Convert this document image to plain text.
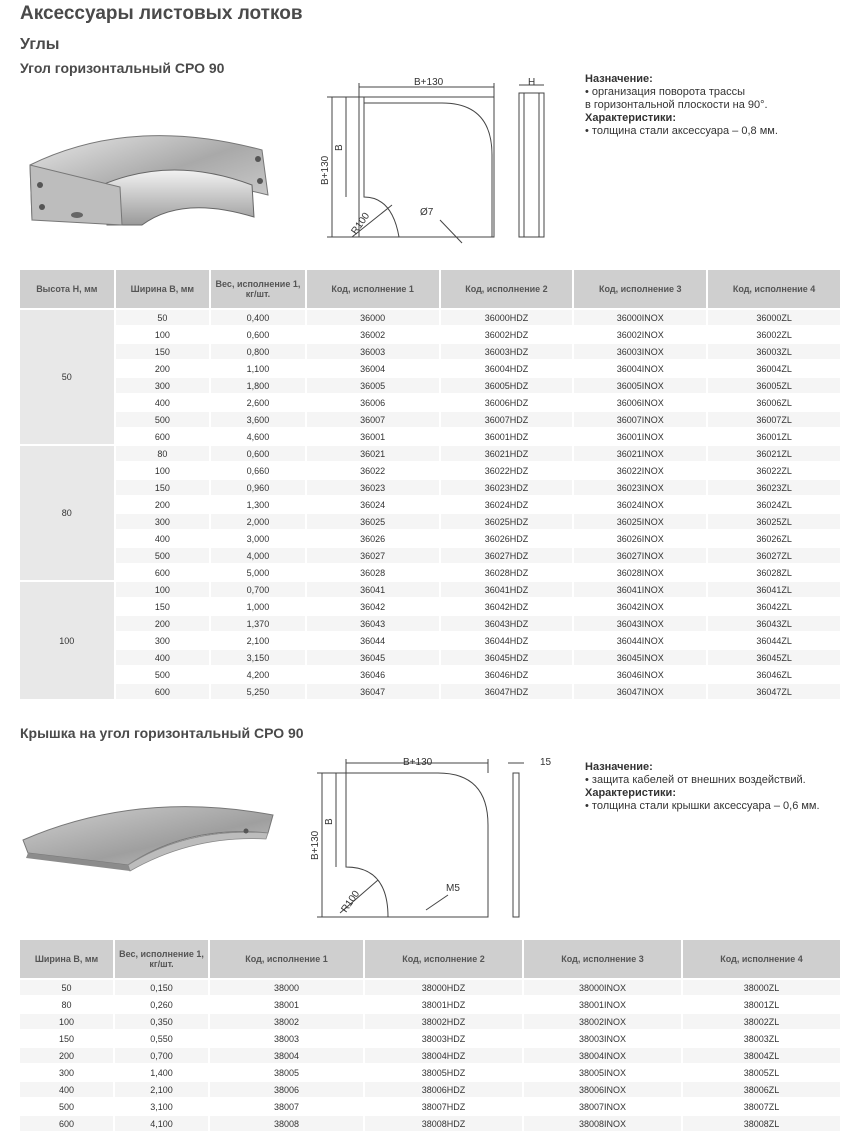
Аксессуары листовых лотков
Углы
Угол горизонтальный СРО 90
B+130
B+130
B
H
R100	Ø7
Назначение:
• организация поворота трассы
в горизонтальной плоскости на 90°.
Характеристики:
• толщина стали аксессуара – 0,8 мм.
Высота H, мм	Ширина B, мм	Вес, исполнение 1, кг/шт.	Код, исполнение 1	Код, исполнение 2	Код, исполнение 3	Код, исполнение 4
50	50	0,400	36000	36000HDZ	36000INOX	36000ZL
	100	0,600	36002	36002HDZ	36002INOX	36002ZL
	150	0,800	36003	36003HDZ	36003INOX	36003ZL
	200	1,100	36004	36004HDZ	36004INOX	36004ZL
	300	1,800	36005	36005HDZ	36005INOX	36005ZL
	400	2,600	36006	36006HDZ	36006INOX	36006ZL
	500	3,600	36007	36007HDZ	36007INOX	36007ZL
	600	4,600	36001	36001HDZ	36001INOX	36001ZL
80	80	0,600	36021	36021HDZ	36021INOX	36021ZL
	100	0,660	36022	36022HDZ	36022INOX	36022ZL
	150	0,960	36023	36023HDZ	36023INOX	36023ZL
	200	1,300	36024	36024HDZ	36024INOX	36024ZL
	300	2,000	36025	36025HDZ	36025INOX	36025ZL
	400	3,000	36026	36026HDZ	36026INOX	36026ZL
	500	4,000	36027	36027HDZ	36027INOX	36027ZL
	600	5,000	36028	36028HDZ	36028INOX	36028ZL
100	100	0,700	36041	36041HDZ	36041INOX	36041ZL
	150	1,000	36042	36042HDZ	36042INOX	36042ZL
	200	1,370	36043	36043HDZ	36043INOX	36043ZL
	300	2,100	36044	36044HDZ	36044INOX	36044ZL
	400	3,150	36045	36045HDZ	36045INOX	36045ZL
	500	4,200	36046	36046HDZ	36046INOX	36046ZL
	600	5,250	36047	36047HDZ	36047INOX	36047ZL
Крышка на угол горизонтальный СРО 90
B+130
B+130
B
15
R100
M5
Назначение:
• защита кабелей от внешних воздействий.
Характеристики:
• толщина стали крышки аксессуара – 0,6 мм.
Ширина B, мм	Вес, исполнение 1, кг/шт.	Код, исполнение 1	Код, исполнение 2	Код, исполнение 3	Код, исполнение 4
50	0,150	38000	38000HDZ	38000INOX	38000ZL
80	0,260	38001	38001HDZ	38001INOX	38001ZL
100	0,350	38002	38002HDZ	38002INOX	38002ZL
150	0,550	38003	38003HDZ	38003INOX	38003ZL
200	0,700	38004	38004HDZ	38004INOX	38004ZL
300	1,400	38005	38005HDZ	38005INOX	38005ZL
400	2,100	38006	38006HDZ	38006INOX	38006ZL
500	3,100	38007	38007HDZ	38007INOX	38007ZL
600	4,100	38008	38008HDZ	38008INOX	38008ZL
